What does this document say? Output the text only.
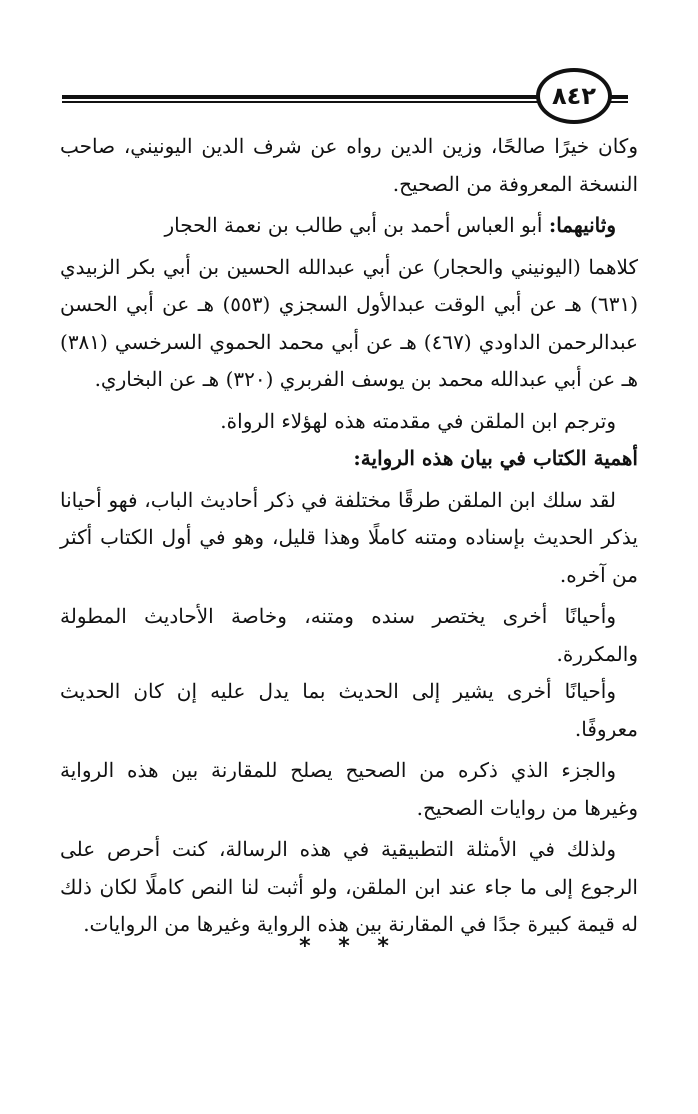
٨٤٢

وكان خيرًا صالحًا، وزين الدين رواه عن شرف الدين اليونيني، صاحب النسخة المعروفة من الصحيح.

وثانيهما: أبو العباس أحمد بن أبي طالب بن نعمة الحجار

كلاهما (اليونيني والحجار) عن أبي عبدالله الحسين بن أبي بكر الزبيدي (٦٣١) هـ عن أبي الوقت عبدالأول السجزي (٥٥٣) هـ عن أبي الحسن عبدالرحمن الداودي (٤٦٧) هـ عن أبي محمد الحموي السرخسي (٣٨١) هـ عن أبي عبدالله محمد بن يوسف الفربري (٣٢٠) هـ عن البخاري.

وترجم ابن الملقن في مقدمته هذه لهؤلاء الرواة.

أهمية الكتاب في بيان هذه الرواية:

لقد سلك ابن الملقن طرقًا مختلفة في ذكر أحاديث الباب، فهو أحيانا يذكر الحديث بإسناده ومتنه كاملًا وهذا قليل، وهو في أول الكتاب أكثر من آخره.

وأحيانًا أخرى يختصر سنده ومتنه، وخاصة الأحاديث المطولة والمكررة.

وأحيانًا أخرى يشير إلى الحديث بما يدل عليه إن كان الحديث معروفًا.

والجزء الذي ذكره من الصحيح يصلح للمقارنة بين هذه الرواية وغيرها من روايات الصحيح.

ولذلك في الأمثلة التطبيقية في هذه الرسالة، كنت أحرص على الرجوع إلى ما جاء عند ابن الملقن، ولو أثبت لنا النص كاملًا لكان ذلك له قيمة كبيرة جدًا في المقارنة بين هذه الرواية وغيرها من الروايات.

* * *
